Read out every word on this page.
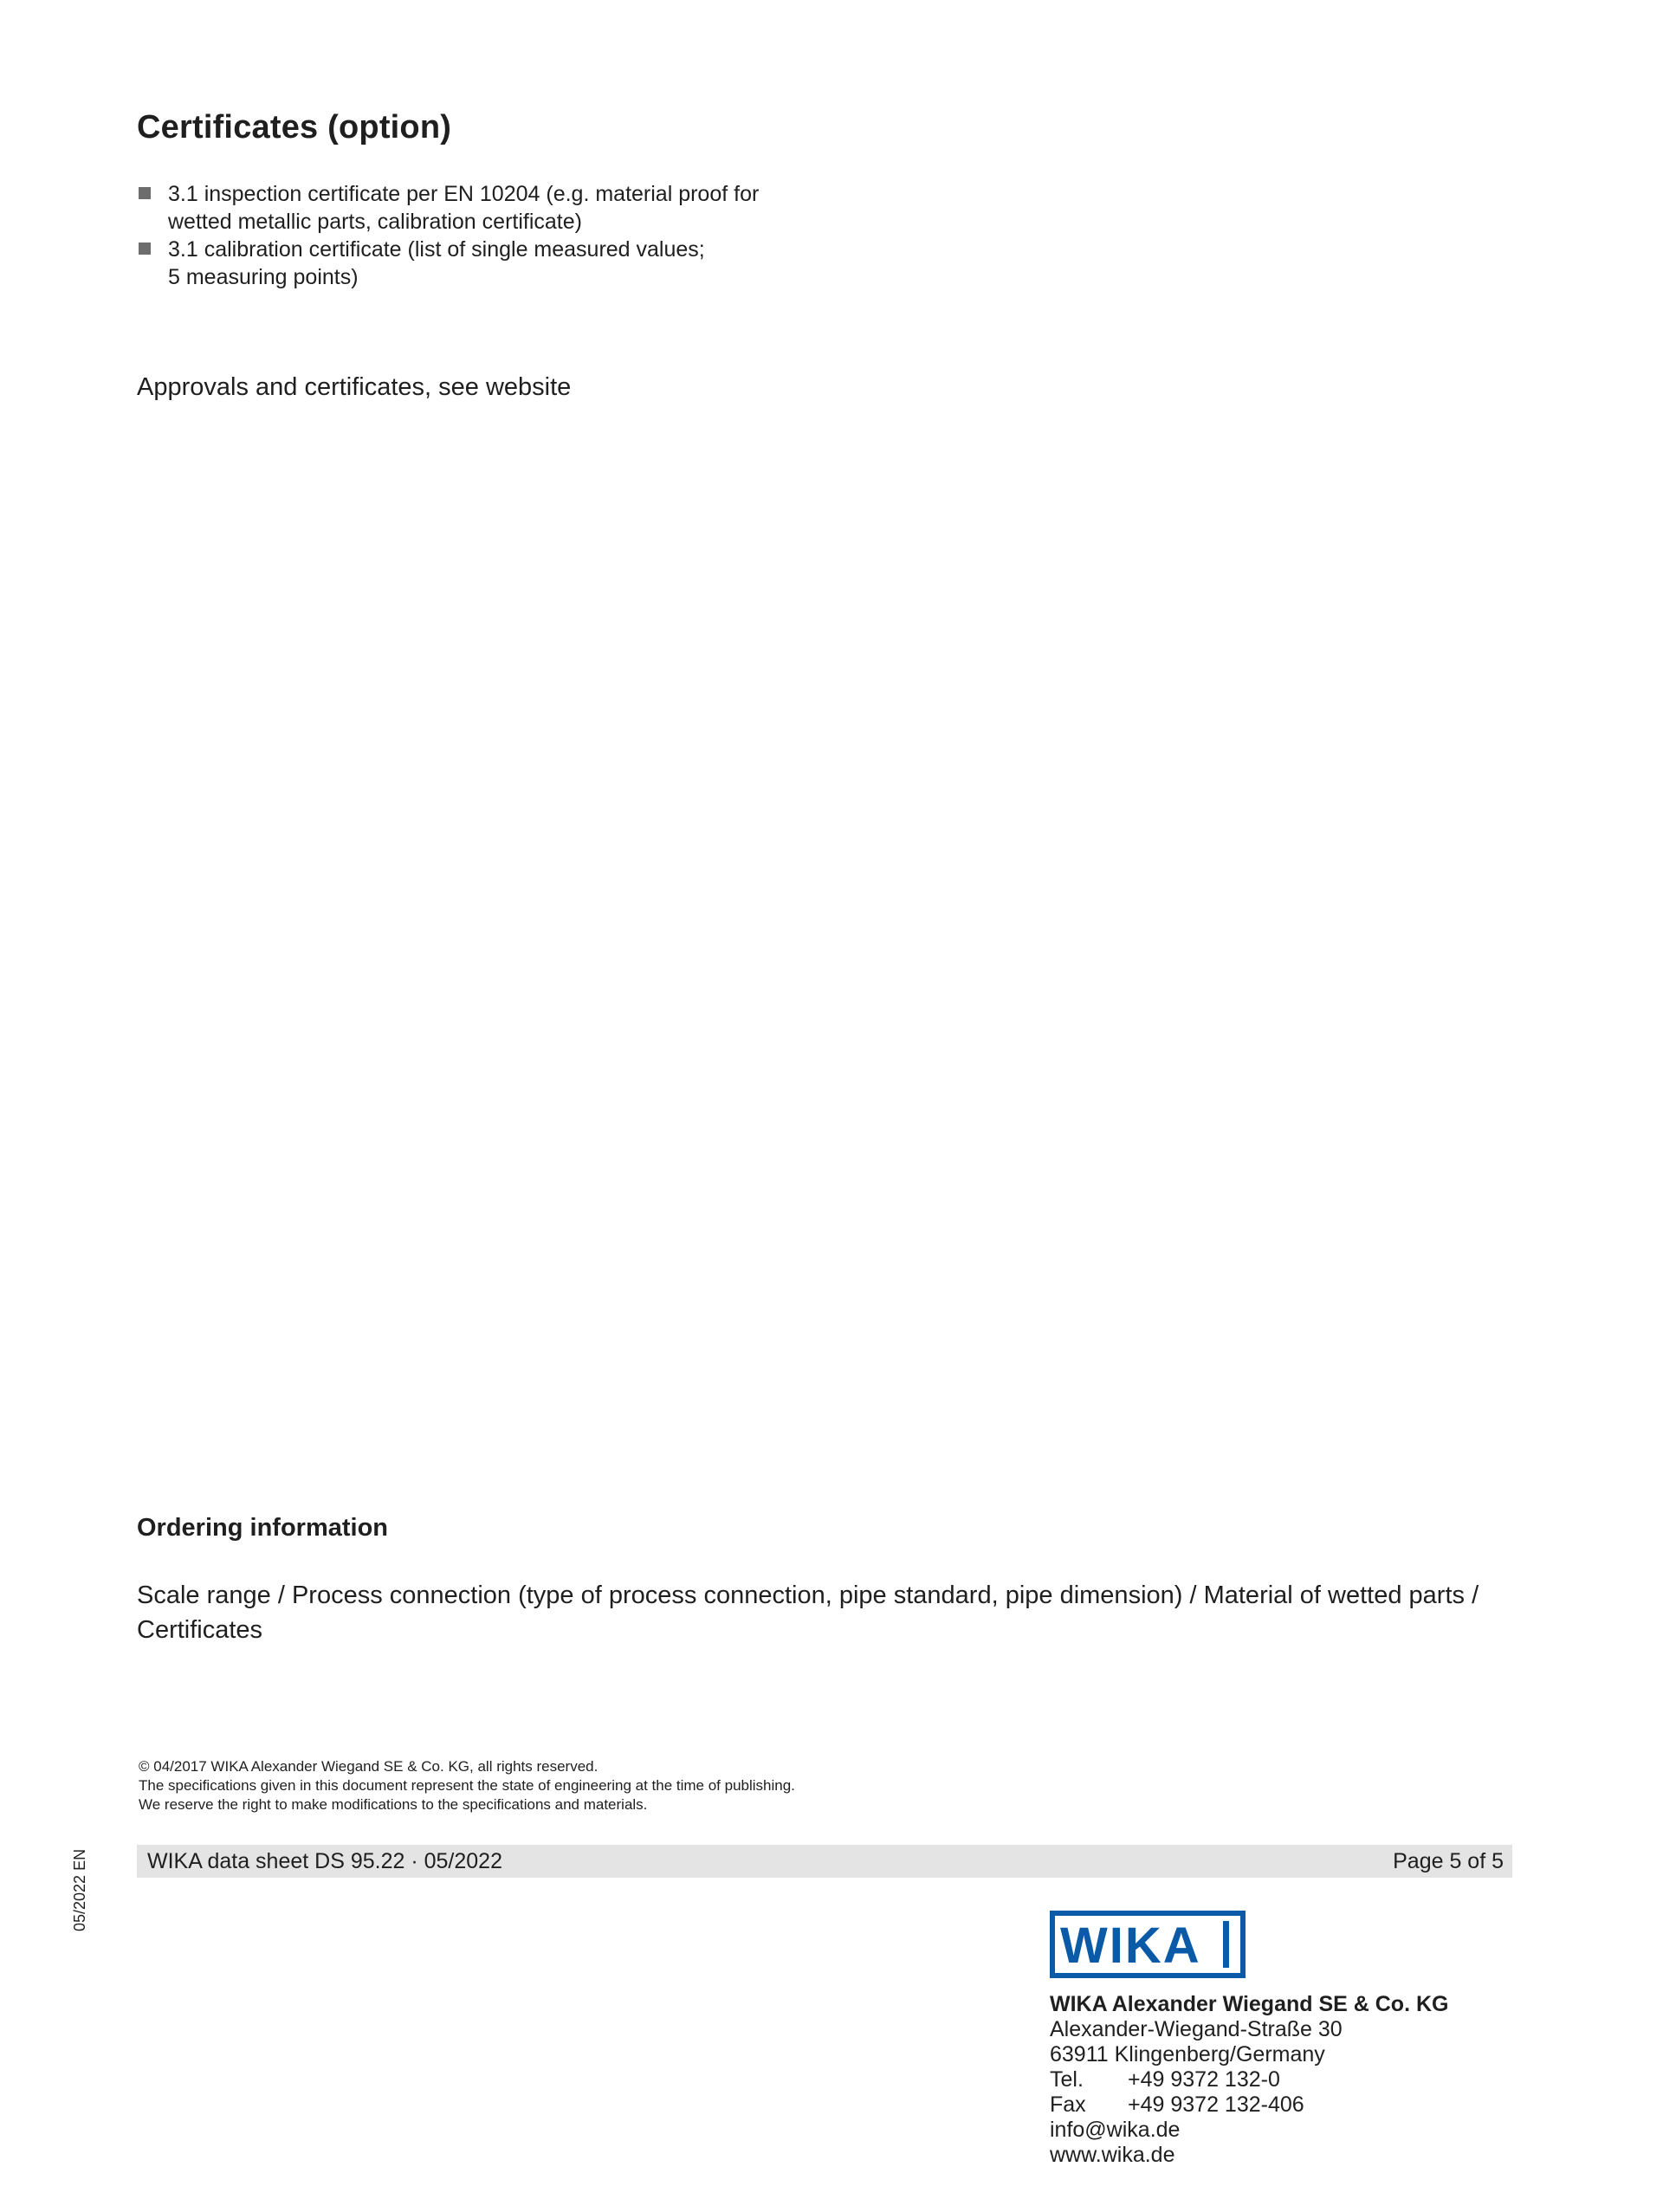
Certificates (option)
3.1 inspection certificate per EN 10204 (e.g. material proof for
wetted metallic parts, calibration certificate)
3.1 calibration certificate (list of single measured values;
5 measuring points)
Approvals and certificates, see website
Ordering information
Scale range / Process connection (type of process connection, pipe standard, pipe dimension) / Material of wetted parts /
Certificates
© 04/2017 WIKA Alexander Wiegand SE & Co. KG, all rights reserved.
The specifications given in this document represent the state of engineering at the time of publishing.
We reserve the right to make modifications to the specifications and materials.
WIKA data sheet DS 95.22 · 05/2022	Page 5 of 5
05/2022 EN
WIKA
WIKA Alexander Wiegand SE & Co. KG
Alexander-Wiegand-Straße 30
63911 Klingenberg/Germany
Tel. +49 9372 132-0
Fax +49 9372 132-406
info@wika.de
www.wika.de
